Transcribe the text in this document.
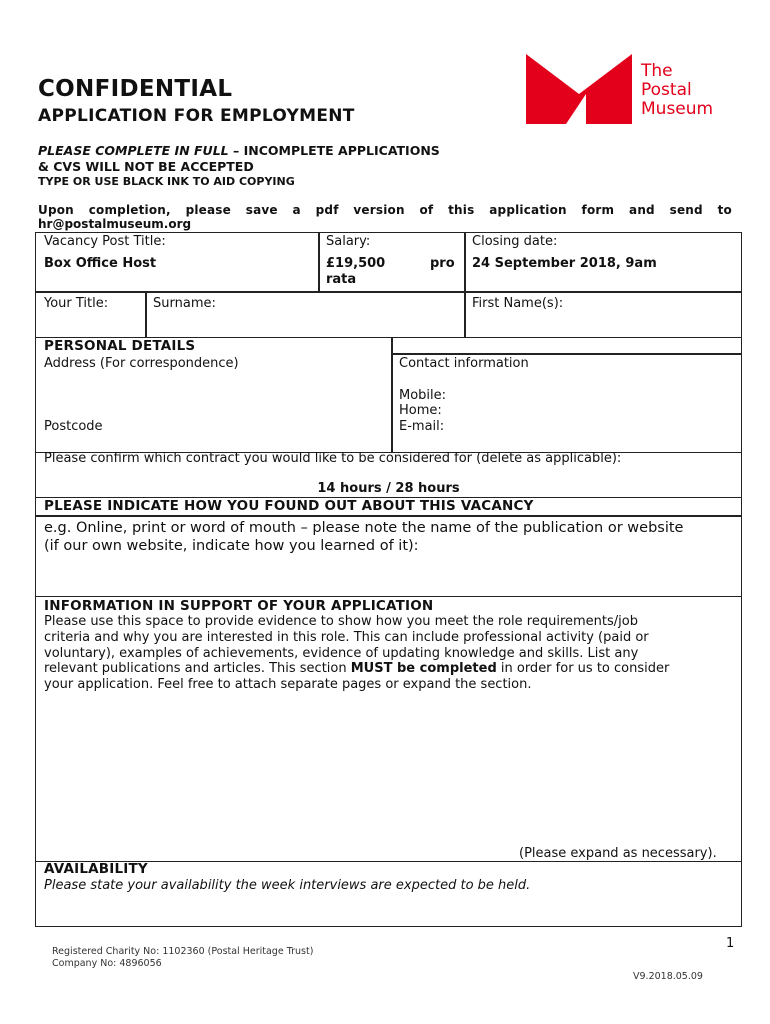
CONFIDENTIAL
APPLICATION FOR EMPLOYMENT
PLEASE COMPLETE IN FULL – INCOMPLETE APPLICATIONS
& CVS WILL NOT BE ACCEPTED
TYPE OR USE BLACK INK TO AID COPYING
Upon completion, please save a pdf version of this application form and send to
hr@postalmuseum.org
The
Postal
Museum
Vacancy Post Title:
Box Office Host
Salary:
£19,500	pro
rata
Closing date:
24 September 2018, 9am
Your Title:	Surname:	First Name(s):
PERSONAL DETAILS
Address (For correspondence)
Postcode
Contact information
Mobile:
Home:
E-mail:
Please confirm which contract you would like to be considered for (delete as applicable):
14 hours / 28 hours
PLEASE INDICATE HOW YOU FOUND OUT ABOUT THIS VACANCY
e.g. Online, print or word of mouth – please note the name of the publication or website
(if our own website, indicate how you learned of it):
INFORMATION IN SUPPORT OF YOUR APPLICATION
Please use this space to provide evidence to show how you meet the role requirements/job
criteria and why you are interested in this role. This can include professional activity (paid or
voluntary), examples of achievements, evidence of updating knowledge and skills. List any
relevant publications and articles. This section MUST be completed in order for us to consider
your application. Feel free to attach separate pages or expand the section.
(Please expand as necessary).
AVAILABILITY
Please state your availability the week interviews are expected to be held.
1
Registered Charity No: 1102360 (Postal Heritage Trust)
Company No: 4896056
V9.2018.05.09
